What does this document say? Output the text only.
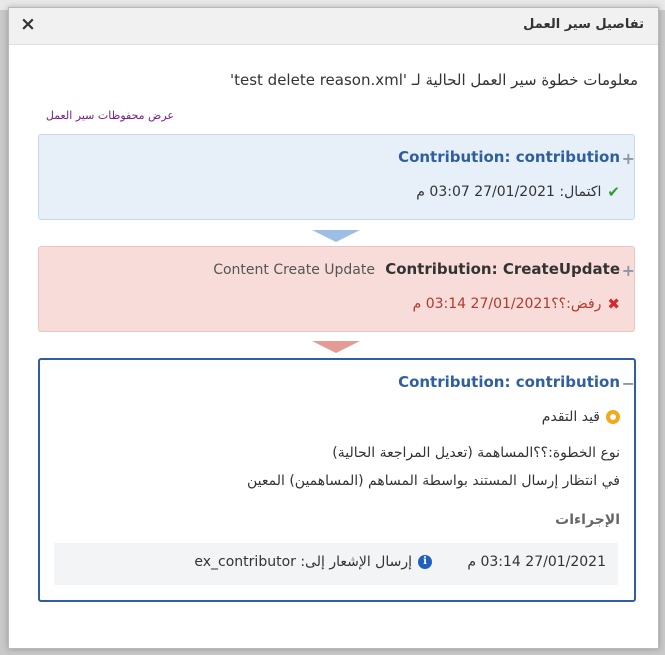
×	تفاصيل سير العمل
معلومات خطوة سير العمل الحالية لـ 'test delete reason.xml'
عرض محفوظات سير العمل
+
Contribution: contribution
✔
اكتمال: 27/01/2021 03:07 م
+
Contribution: CreateUpdate
Content Create Update
✖
رفض:؟؟27/01/2021 03:14 م
−
Contribution: contribution
قيد التقدم
نوع الخطوة:؟؟المساهمة (تعديل المراجعة الحالية)
في انتظار إرسال المستند بواسطة المساهم (المساهمين) المعين
الإجراءات
27/01/2021 03:14 م
i
إرسال الإشعار إلى: ex_contributor
